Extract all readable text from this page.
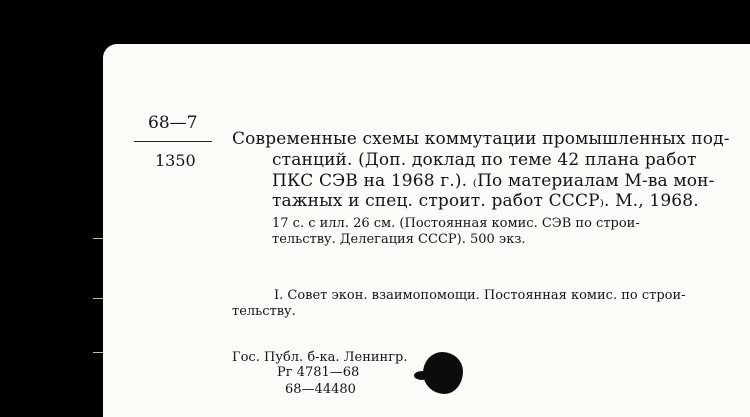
68—7
1350
Современные схемы коммутации промышленных под-
станций. (Доп. доклад по теме 42 плана работ
ПКС СЭВ на 1968 г.). ₍По материалам М-ва мон-
тажных и спец. строит. работ СССР₎. М., 1968.
17 с. с илл. 26 см. (Постоянная комис. СЭВ по строи-
тельству. Делегация СССР). 500 экз.
I. Совет экон. взаимопомощи. Постоянная комис. по строи-
тельству.
Гос. Публ. б-ка. Ленингр.
Рг 4781—68
68—44480
